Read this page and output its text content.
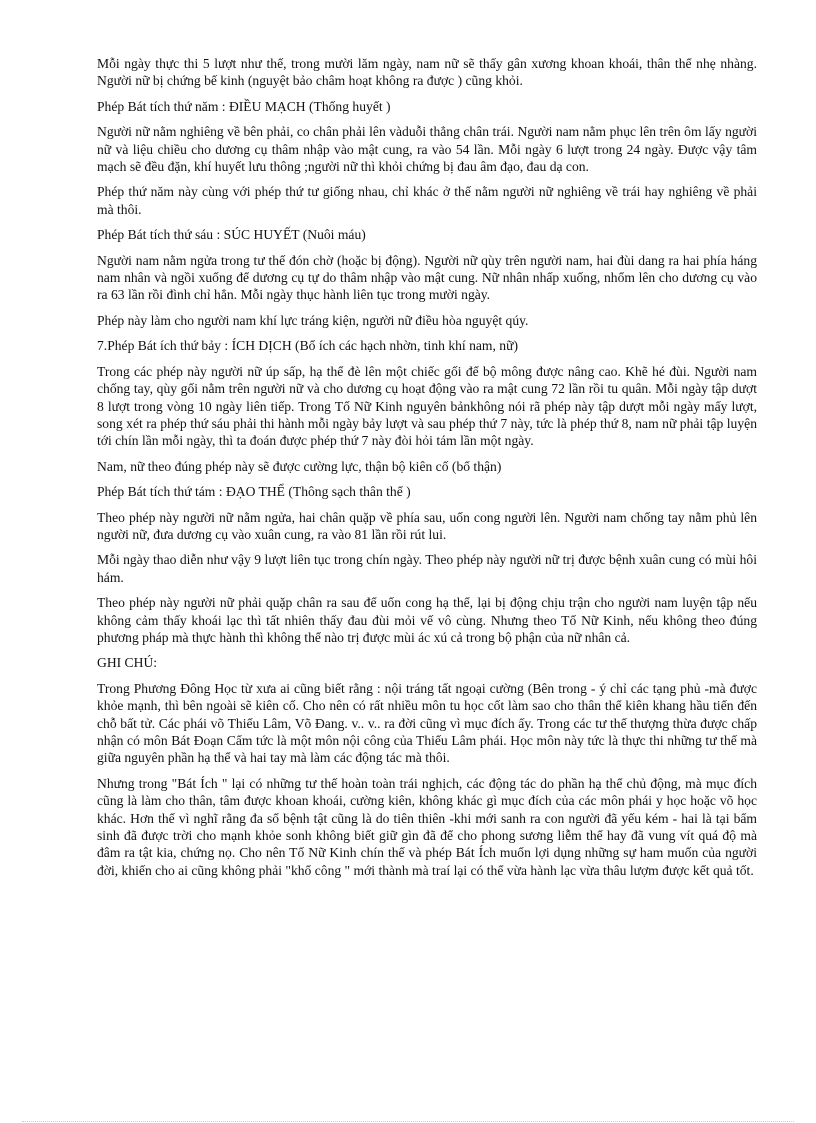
Mỗi ngày thực thi 5 lượt như thế, trong mười lăm ngày, nam nữ sẽ thấy gân xương khoan khoái, thân thể nhẹ nhàng. Người nữ bị chứng bế kinh (nguyệt bảo châm hoạt không ra được ) cũng khỏi.

Phép Bát tích thứ năm : ĐIỀU MẠCH (Thống huyết )

Người nữ nằm nghiêng về bên phải, co chân phải lên vàduỗi thẳng chân trái. Người nam nằm phục lên trên ôm lấy người nữ và liệu chiều cho dương cụ thâm nhập vào mật cung, ra vào 54 lần. Mỗi ngày 6 lượt trong 24 ngày. Được vậy tâm mạch sẽ đều đặn, khí huyết lưu thông ;người nữ thì khỏi chứng bị đau âm đạo, đau dạ con.

Phép thứ năm này cùng với phép thứ tư giống nhau, chỉ khác ở thế nằm người nữ nghiêng về trái hay nghiêng về phải mà thôi.

Phép Bát tích thứ sáu : SÚC HUYẾT (Nuôi máu)

Người nam nằm ngửa trong tư thế đón chờ (hoặc bị động). Người nữ qùy trên người nam, hai đùi dang ra hai phía háng nam nhân và ngồi xuống để dương cụ tự do thâm nhập vào mật cung. Nữ nhân nhấp xuống, nhổm lên cho dương cụ vào ra 63 lần rồi đình chỉ hẳn. Mỗi ngày thục hành liên tục trong mười ngày.

Phép này làm cho người nam khí lực tráng kiện, người nữ điều hòa nguyệt qúy.

7.Phép Bát ích thứ bảy : ÍCH DỊCH (Bổ ích các hạch nhờn, tinh khí nam, nữ)

Trong các phép này người nữ úp sấp, hạ thể đè lên một chiếc gối để bộ mông được nâng cao. Khẽ hé đùi. Người nam chống tay, qùy gối nằm trên người nữ và cho dương cụ hoạt động vào ra mật cung 72 lần rồi tu quân. Mỗi ngày tập dượt 8 lượt trong vòng 10 ngày liên tiếp. Trong Tố Nữ Kinh nguyên bảnkhông nói rã phép này tập dượt mỗi ngày mấy lượt, song xét ra phép thứ sáu phải thi hành mỗi ngày bảy lượt và sau phép thứ 7 này, tức là phép thứ 8, nam nữ phải tập luyện tới chín lần mỗi ngày, thì ta đoán được phép thứ 7 này đòi hỏi tám lần một ngày.

Nam, nữ theo đúng phép này sẽ được cường lực, thận bộ kiên cố (bổ thận)

Phép Bát tích thứ tám : ĐẠO THỂ (Thông sạch thân thể )

Theo phép này người nữ nằm ngửa, hai chân quặp về phía sau, uốn cong người lên. Người nam chống tay nằm phủ lên người nữ, đưa dương cụ vào xuân cung, ra vào 81 lần rồi rút lui.

Mỗi ngày thao diễn như vậy 9 lượt liên tục trong chín ngày. Theo phép này người nữ trị được bệnh xuân cung có mùi hôi hám.

Theo phép này người nữ phải quặp chân ra sau để uốn cong hạ thể, lại bị động chịu trận cho người nam luyện tập nếu không cảm thấy khoái lạc thì tất nhiên thấy đau đùi mỏi vế vô cùng. Nhưng theo Tố Nữ Kinh, nếu không theo đúng phương pháp mà thực hành thì không thể nào trị được mùi ác xú cả trong bộ phận của nữ nhân cả.

GHI CHÚ:

Trong Phương Đông Học từ xưa ai cũng biết rằng : nội tráng tất ngoại cường (Bên trong - ý chỉ các tạng phủ -mà được khỏe mạnh, thì bên ngoài sẽ kiên cố. Cho nên có rất nhiều môn tu học cốt làm sao cho thân thể kiên khang hầu tiến đến chỗ bất tử. Các phái võ Thiếu Lâm, Võ Đang. v.. v.. ra đời cũng vì mục đích ấy. Trong các tư thế thượng thừa được chấp nhận có môn Bát Đoạn Cẩm tức là một môn nội công của Thiếu Lâm phái. Học môn này tức là thực thi những tư thế mà giữa nguyên phần hạ thể và hai tay mà làm các động tác mà thôi.

Nhưng trong "Bát Ích " lại có những tư thế hoàn toàn trái nghịch, các động tác do phần hạ thể chủ động, mà mục đích cũng là làm cho thân, tâm được khoan khoái, cường kiên, không khác gì mục đích của các môn phái y học hoặc võ học khác. Hơn thế vì nghĩ rằng đa số bệnh tật cũng là do tiên thiên -khi mới sanh ra con người đã yếu kém - hai là tại bẩm sinh đã được trời cho mạnh khỏe sonh không biết giữ gìn đã để cho phong sương liễm thể hay đã vung vít quá độ mà đâm ra tật kia, chứng nọ. Cho nên Tố Nữ Kinh chín thế và phép Bát Ích muốn lợi dụng những sự ham muốn của người đời, khiến cho ai cũng không phải "khổ công " mới thành mà traí lại có thể vừa hành lạc vừa thâu lượm được kết quả tốt.
